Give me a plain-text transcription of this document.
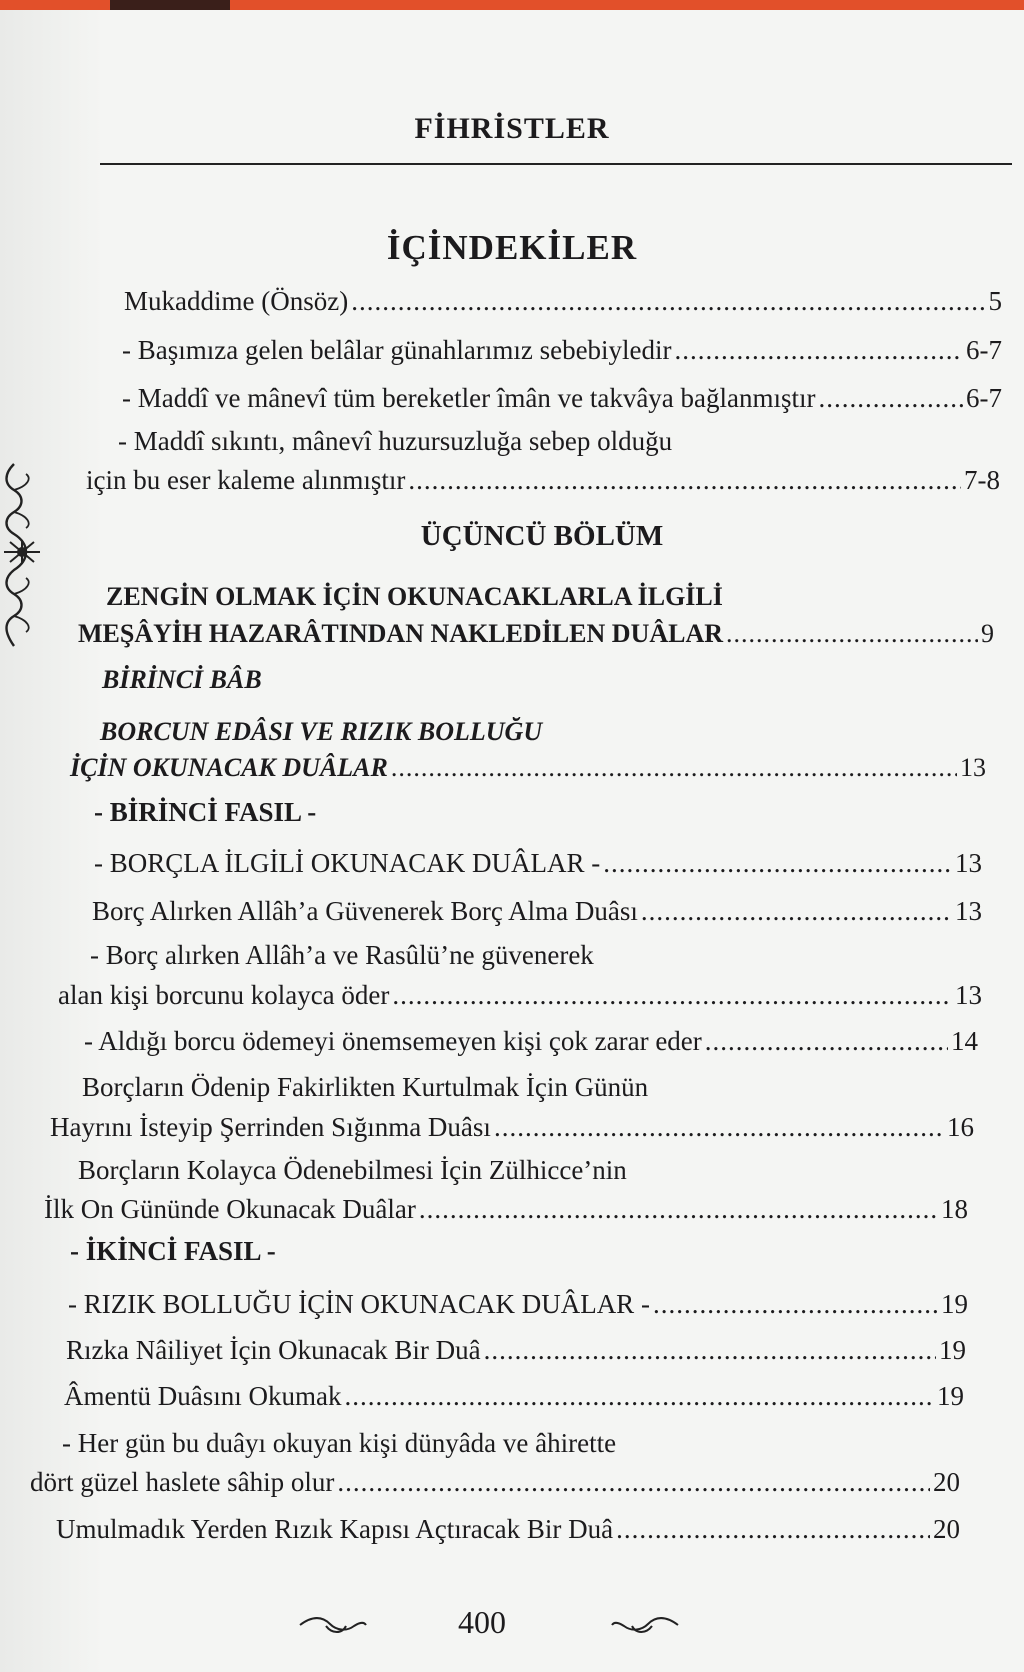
FİHRİSTLER
İÇİNDEKİLER
Mukaddime (Önsöz) .....	5
- Başımıza gelen belâlar günahlarımız sebebiyledir .....	6-7
- Maddî ve mânevî tüm bereketler îmân ve takvâya bağlanmıştır .....	6-7
- Maddî sıkıntı, mânevî huzursuzluğa sebep olduğu
için bu eser kaleme alınmıştır .....	7-8
ÜÇÜNCÜ BÖLÜM
ZENGİN OLMAK İÇİN OKUNACAKLARLA İLGİLİ
MEŞÂYİH HAZARÂTINDAN NAKLEDİLEN DUÂLAR .....	9
BİRİNCİ BÂB
BORCUN EDÂSI VE RIZIK BOLLUĞU
İÇİN OKUNACAK DUÂLAR .....	13
- BİRİNCİ FASIL -
- BORÇLA İLGİLİ OKUNACAK DUÂLAR - .....	13
Borç Alırken Allâh’a Güvenerek Borç Alma Duâsı .....	13
- Borç alırken Allâh’a ve Rasûlü’ne güvenerek
alan kişi borcunu kolayca öder .....	13
- Aldığı borcu ödemeyi önemsemeyen kişi çok zarar eder .....	14
Borçların Ödenip Fakirlikten Kurtulmak İçin Günün
Hayrını İsteyip Şerrinden Sığınma Duâsı .....	16
Borçların Kolayca Ödenebilmesi İçin Zülhicce’nin
İlk On Gününde Okunacak Duâlar .....	18
- İKİNCİ FASIL -
- RIZIK BOLLUĞU İÇİN OKUNACAK DUÂLAR - .....	19
Rızka Nâiliyet İçin Okunacak Bir Duâ .....	19
Âmentü Duâsını Okumak .....	19
- Her gün bu duâyı okuyan kişi dünyâda ve âhirette
dört güzel haslete sâhip olur .....	20
Umulmadık Yerden Rızık Kapısı Açtıracak Bir Duâ .....	20
400
